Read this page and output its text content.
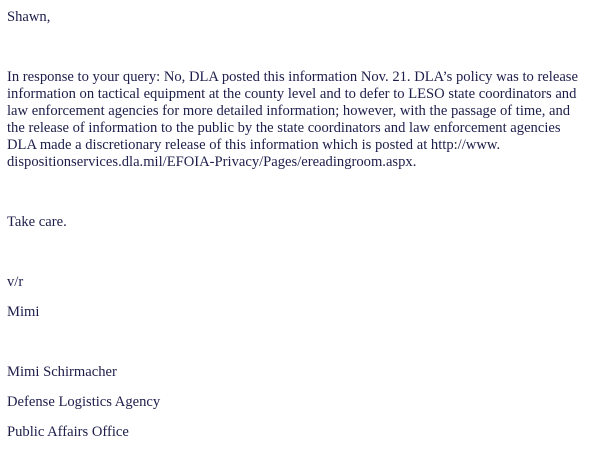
Shawn,
In response to your query: No, DLA posted this information Nov. 21. DLA’s policy was to release
information on tactical equipment at the county level and to defer to LESO state coordinators and
law enforcement agencies for more detailed information; however, with the passage of time, and
the release of information to the public by the state coordinators and law enforcement agencies
DLA made a discretionary release of this information which is posted at http://www.
dispositionservices.dla.mil/EFOIA-Privacy/Pages/ereadingroom.aspx.
Take care.
v/r
Mimi
Mimi Schirmacher
Defense Logistics Agency
Public Affairs Office
